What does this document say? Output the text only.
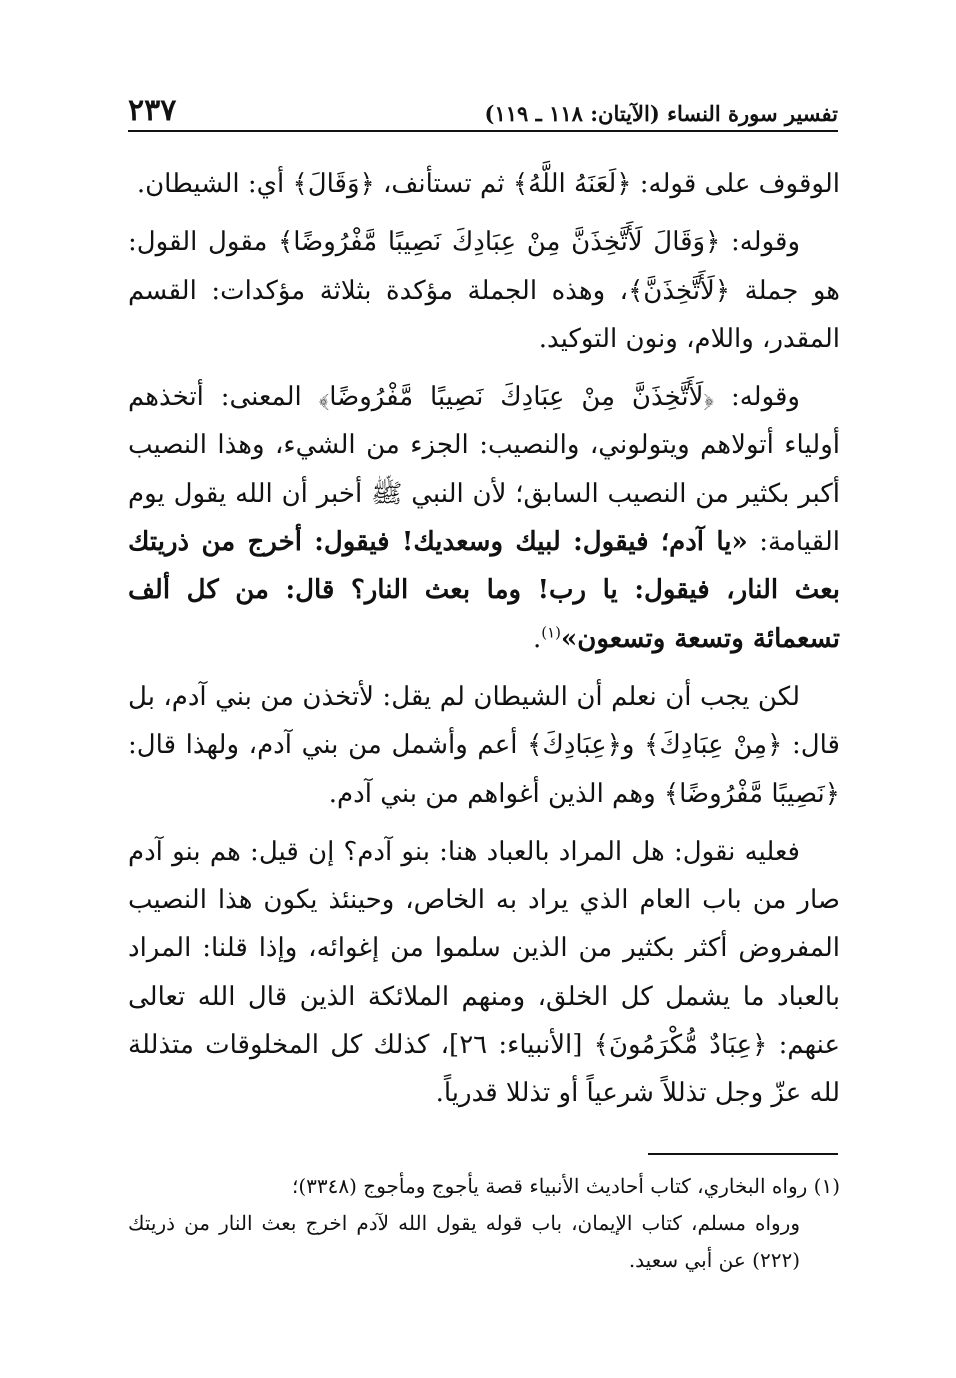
تفسير سورة النساء (الآيتان: ١١٨ ـ ١١٩)
٢٣٧

الوقوف على قوله: ﴿لَعَنَهُ اللَّهُ﴾ ثم تستأنف، ﴿وَقَالَ﴾ أي: الشيطان.

وقوله: ﴿وَقَالَ لَأَتَّخِذَنَّ مِنْ عِبَادِكَ نَصِيبًا مَّفْرُوضًا﴾ مقول القول: هو جملة ﴿لَأَتَّخِذَنَّ﴾، وهذه الجملة مؤكدة بثلاثة مؤكدات: القسم المقدر، واللام، ونون التوكيد.

وقوله: ﴿لَأَتَّخِذَنَّ مِنْ عِبَادِكَ نَصِيبًا مَّفْرُوضًا﴾ المعنى: أتخذهم أولياء أتولاهم ويتولوني، والنصيب: الجزء من الشيء، وهذا النصيب أكبر بكثير من النصيب السابق؛ لأن النبي ﷺ أخبر أن الله يقول يوم القيامة: «يا آدم؛ فيقول: لبيك وسعديك! فيقول: أخرج من ذريتك بعث النار، فيقول: يا رب! وما بعث النار؟ قال: من كل ألف تسعمائة وتسعة وتسعون»$^{(١)}$.

لكن يجب أن نعلم أن الشيطان لم يقل: لأتخذن من بني آدم، بل قال: ﴿مِنْ عِبَادِكَ﴾ و﴿عِبَادِكَ﴾ أعم وأشمل من بني آدم، ولهذا قال: ﴿نَصِيبًا مَّفْرُوضًا﴾ وهم الذين أغواهم من بني آدم.

فعليه نقول: هل المراد بالعباد هنا: بنو آدم؟ إن قيل: هم بنو آدم صار من باب العام الذي يراد به الخاص، وحينئذ يكون هذا النصيب المفروض أكثر بكثير من الذين سلموا من إغوائه، وإذا قلنا: المراد بالعباد ما يشمل كل الخلق، ومنهم الملائكة الذين قال الله تعالى عنهم: ﴿عِبَادٌ مُّكْرَمُونَ﴾ [الأنبياء: ٢٦]، كذلك كل المخلوقات متذللة لله عزّ وجل تذللاً شرعياً أو تذللا قدرياً.

(١) رواه البخاري، كتاب أحاديث الأنبياء قصة يأجوج ومأجوج (٣٣٤٨)؛

ورواه مسلم، كتاب الإيمان، باب قوله يقول الله لآدم اخرج بعث النار من ذريتك (٢٢٢) عن أبي سعيد.
